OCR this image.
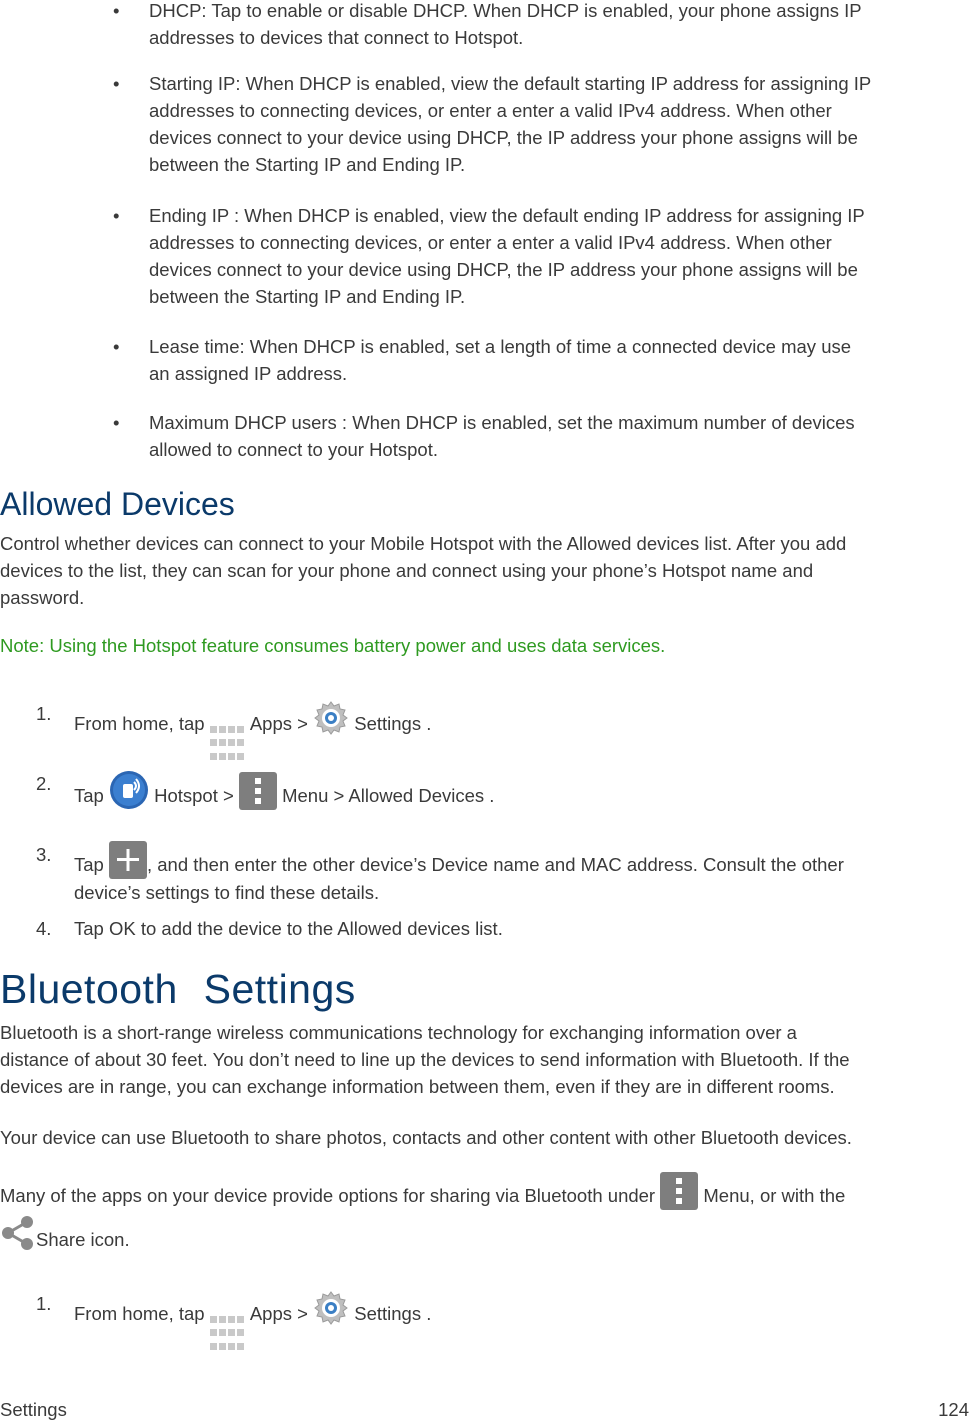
• DHCP: Tap to enable or disable DHCP. When DHCP is enabled, your phone assigns IP
addresses to devices that connect to Hotspot.
• Starting IP: When DHCP is enabled, view the default starting IP address for assigning IP
addresses to connecting devices, or enter a enter a valid IPv4 address. When other
devices connect to your device using DHCP, the IP address your phone assigns will be
between the Starting IP and Ending IP.
• Ending IP : When DHCP is enabled, view the default ending IP address for assigning IP
addresses to connecting devices, or enter a enter a valid IPv4 address. When other
devices connect to your device using DHCP, the IP address your phone assigns will be
between the Starting IP and Ending IP.
• Lease time: When DHCP is enabled, set a length of time a connected device may use
an assigned IP address.
• Maximum DHCP users : When DHCP is enabled, set the maximum number of devices
allowed to connect to your Hotspot.
Allowed Devices
Control whether devices can connect to your Mobile Hotspot with the Allowed devices list. After you add
devices to the list, they can scan for your phone and connect using your phone’s Hotspot name and
password.
Note: Using the Hotspot feature consumes battery power and uses data services.
1. From home, tap
Apps >  Settings .
2.
Tap  Hotspot >  Menu > Allowed Devices .
3. Tap , and then enter the other device’s Device name and MAC address. Consult the other
device’s settings to find these details.
4. Tap OK to add the device to the Allowed devices list.
Bluetooth Settings
Bluetooth is a short-range wireless communications technology for exchanging information over a
distance of about 30 feet. You don’t need to line up the devices to send information with Bluetooth. If the
devices are in range, you can exchange information between them, even if they are in different rooms.
Your device can use Bluetooth to share photos, contacts and other content with other Bluetooth devices.
Many of the apps on your device provide options for sharing via Bluetooth under  Menu, or with the
Share icon.
1. From home, tap
Apps >  Settings .
Settings	124
